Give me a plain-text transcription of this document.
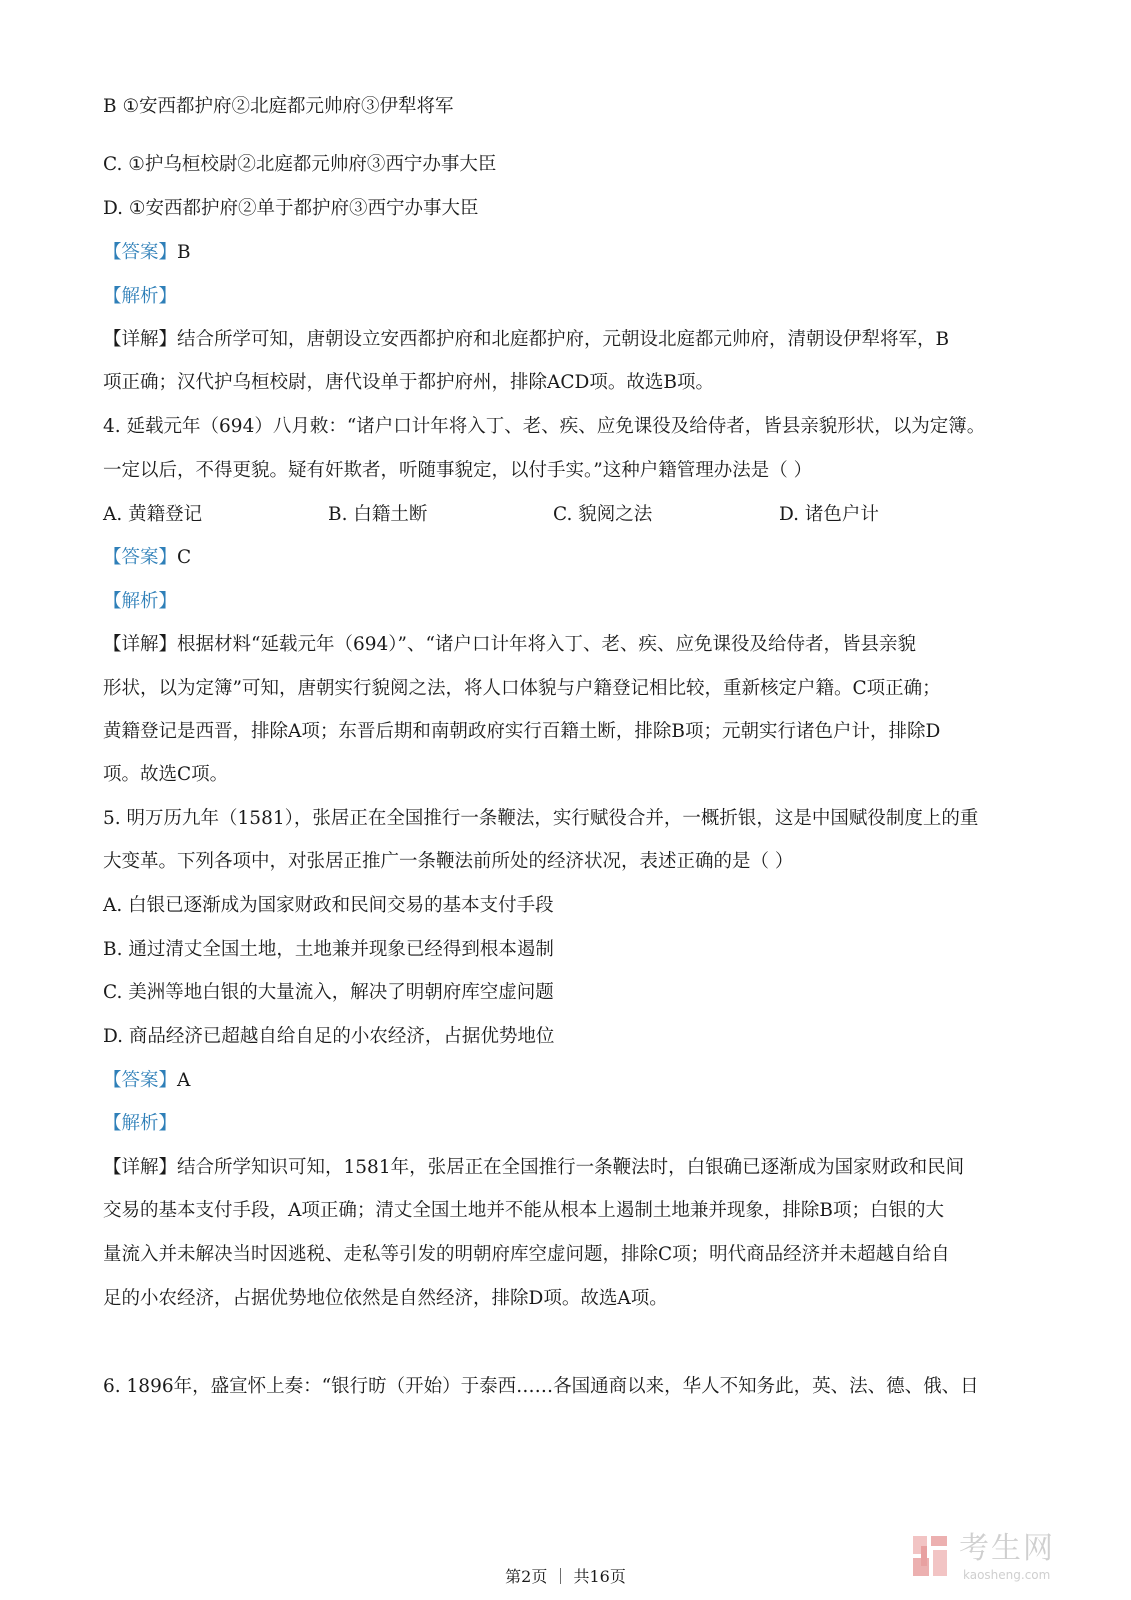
B ①安西都护府②北庭都元帅府③伊犁将军
C. ①护乌桓校尉②北庭都元帅府③西宁办事大臣
D. ①安西都护府②单于都护府③西宁办事大臣
【答案】B
【解析】
【详解】结合所学可知，唐朝设立安西都护府和北庭都护府，元朝设北庭都元帅府，清朝设伊犁将军，B
项正确；汉代护乌桓校尉，唐代设单于都护府州，排除ACD项。故选B项。
4. 延载元年（694）八月敕：“诸户口计年将入丁、老、疾、应免课役及给侍者，皆县亲貌形状，以为定簿。
一定以后，不得更貌。疑有奸欺者，听随事貌定，以付手实。”这种户籍管理办法是（ ）
A. 黄籍登记	B. 白籍土断	C. 貌阅之法	D. 诸色户计
【答案】C
【解析】
【详解】根据材料“延载元年（694）”、“诸户口计年将入丁、老、疾、应免课役及给侍者，皆县亲貌
形状，以为定簿”可知，唐朝实行貌阅之法，将人口体貌与户籍登记相比较，重新核定户籍。C项正确；
黄籍登记是西晋，排除A项；东晋后期和南朝政府实行百籍土断，排除B项；元朝实行诸色户计，排除D
项。故选C项。
5. 明万历九年（1581），张居正在全国推行一条鞭法，实行赋役合并，一概折银，这是中国赋役制度上的重
大变革。下列各项中，对张居正推广一条鞭法前所处的经济状况，表述正确的是（ ）
A. 白银已逐渐成为国家财政和民间交易的基本支付手段
B. 通过清丈全国土地，土地兼并现象已经得到根本遏制
C. 美洲等地白银的大量流入，解决了明朝府库空虚问题
D. 商品经济已超越自给自足的小农经济，占据优势地位
【答案】A
【解析】
【详解】结合所学知识可知，1581年，张居正在全国推行一条鞭法时，白银确已逐渐成为国家财政和民间
交易的基本支付手段，A项正确；清丈全国土地并不能从根本上遏制土地兼并现象，排除B项；白银的大
量流入并未解决当时因逃税、走私等引发的明朝府库空虚问题，排除C项；明代商品经济并未超越自给自
足的小农经济，占据优势地位依然是自然经济，排除D项。故选A项。
6. 1896年，盛宣怀上奏：“银行昉（开始）于泰西……各国通商以来，华人不知务此，英、法、德、俄、日
考生网
kaosheng.com
第2页 ｜ 共16页
